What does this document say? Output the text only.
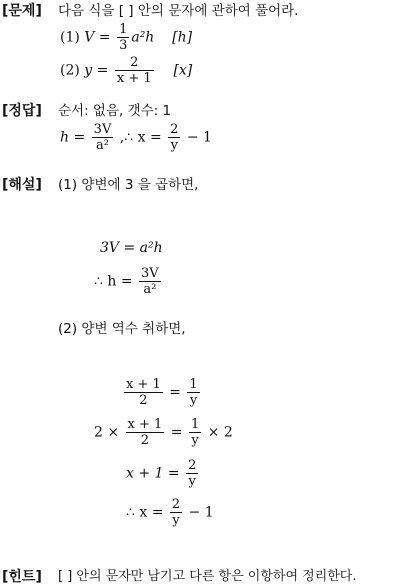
[문제] 다음 식을 [ ] 안의 문자에 관하여 풀어라.
(1) $V = \frac{1}{3} a^2h$ [h]
(2) $y = \frac{2}{x + 1} [x]$
[정답] 순서: 없음, 갯수: 1
$h = \frac{3V}{\text{a²}}$ ,∴ $x = \frac{2}{y} - 1$
[해설] (1) 양변에 3 을 곱하면,
3V = a²h
∴ $h = \frac{3V}{\text{a²}}$
(2) 양변 역수 취하면,
$\frac{x + 1}{2} = \frac{1}{y}$
$2 \times \frac{x + 1}{2} = \frac{1}{y} \times 2$
$x + 1 = \frac{2}{y}$
∴ $x = \frac{2}{y} - 1$
[힌트] [ ] 안의 문자만 남기고 다른 항은 이항하여 정리한다.
